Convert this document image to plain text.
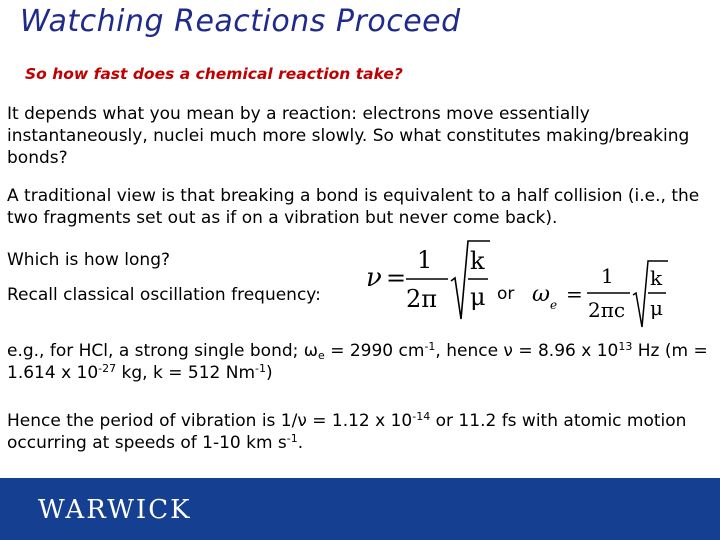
Watching Reactions Proceed
So how fast does a chemical reaction take?
It depends what you mean by a reaction: electrons move essentially instantaneously, nuclei much more slowly. So what constitutes making/breaking bonds?
A traditional view is that breaking a bond is equivalent to a half collision (i.e., the two fragments set out as if on a vibration but never come back).
Which is how long?
Recall classical oscillation frequency:	or
ν =
1
2π
k
μ ω e =
1
2πc
k
μ
e.g., for HCl, a strong single bond; $\omega_e = 2990$ $cm^{-1}$, hence ν = 8.96 x $10^{13}$ Hz (m = 1.614 x $10^{-27}$ kg, k = 512 $Nm^{-1}$)
Hence the period of vibration is 1/ν = 1.12 x $10^{-14}$ or 11.2 fs with atomic motion occurring at speeds of 1-10 km $s^{-1}$.
WARWICK
